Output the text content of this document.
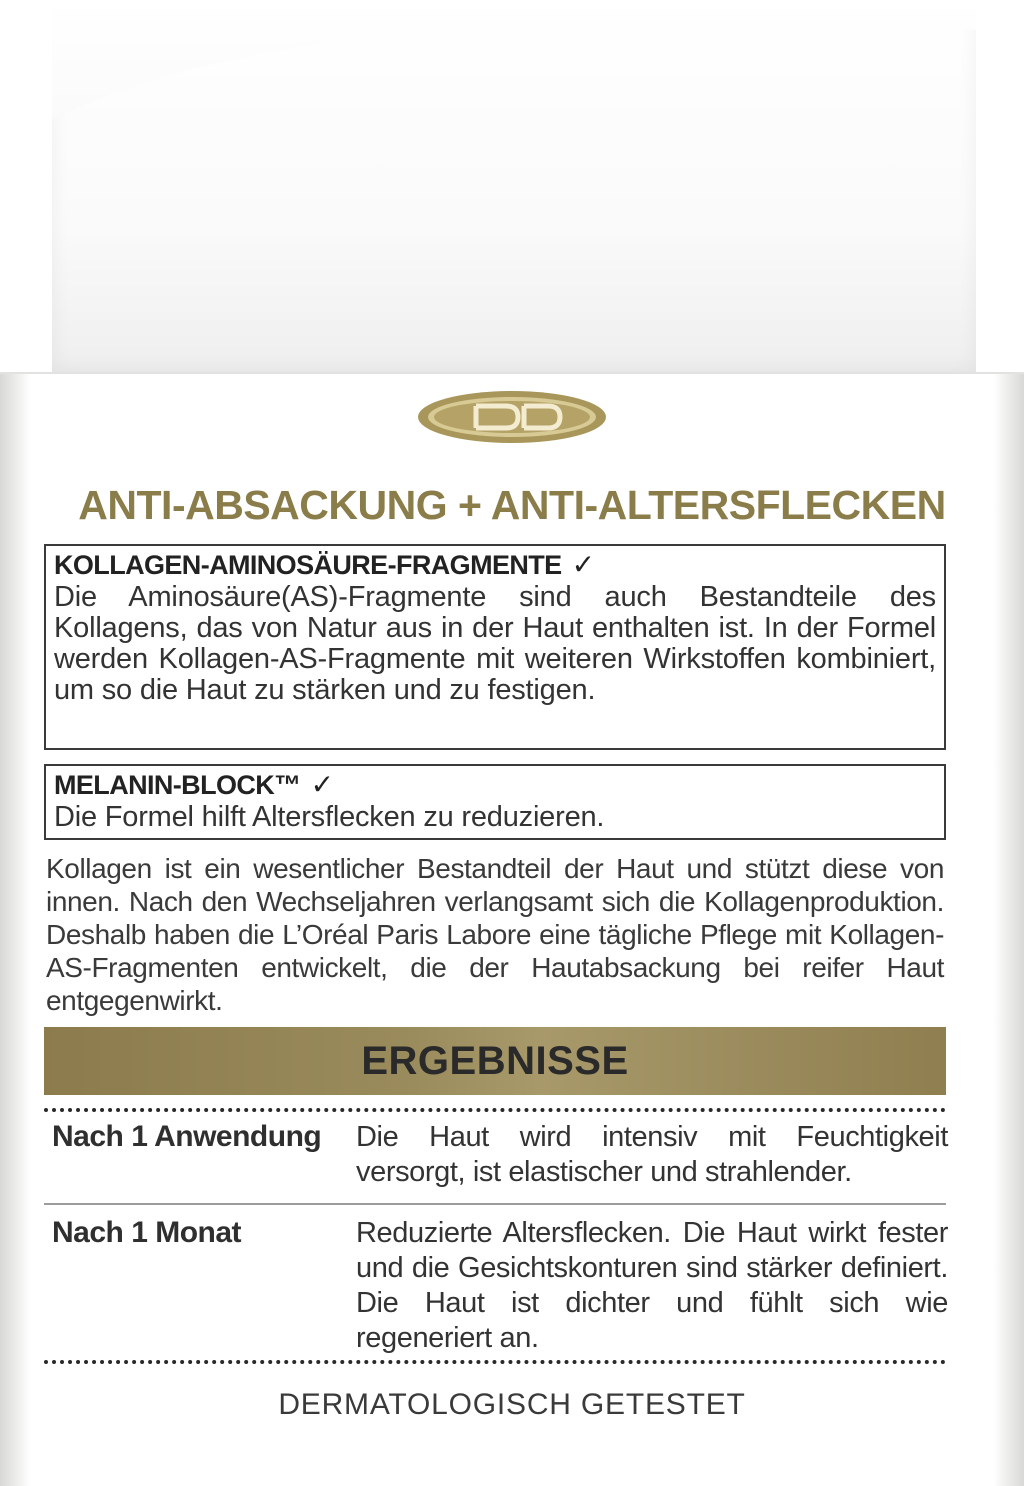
ANTI-ABSACKUNG + ANTI-ALTERSFLECKEN
KOLLAGEN-AMINOSÄURE-FRAGMENTE ✓
Die Aminosäure(AS)-Fragmente sind auch Bestandteile des Kollagens, das von Natur aus in der Haut enthalten ist. In der Formel werden Kollagen-AS-Fragmente mit weiteren Wirkstoffen kombiniert, um so die Haut zu stärken und zu festigen.
MELANIN-BLOCK™ ✓
Die Formel hilft Altersflecken zu reduzieren.
Kollagen ist ein wesentlicher Bestandteil der Haut und stützt diese von innen. Nach den Wechseljahren verlangsamt sich die Kollagenproduktion. Deshalb haben die L’Oréal Paris Labore eine tägliche Pflege mit Kollagen-AS-Fragmenten entwickelt, die der Hautabsackung bei reifer Haut entgegenwirkt.
ERGEBNISSE
Nach 1 Anwendung	Die Haut wird intensiv mit Feuchtigkeit versorgt, ist elastischer und strahlender.
Nach 1 Monat	Reduzierte Altersflecken. Die Haut wirkt fester und die Gesichtskonturen sind stärker definiert. Die Haut ist dichter und fühlt sich wie regeneriert an.
DERMATOLOGISCH GETESTET
